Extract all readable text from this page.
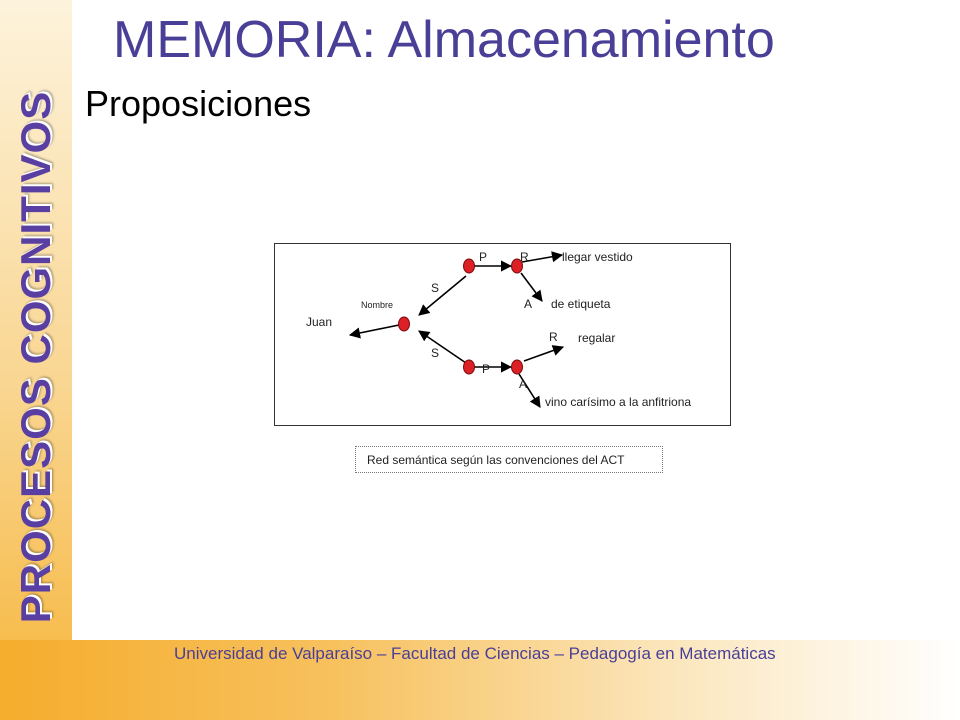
PROCESOS COGNITIVOS
MEMORIA: Almacenamiento
Proposiciones
Juan
Nombre
S
S
P	R	llegar vestido
A de etiqueta
R regalar
P
A
vino carísimo a la anfitriona
Red semántica según las convenciones del ACT
Universidad de Valparaíso – Facultad de Ciencias – Pedagogía en Matemáticas
